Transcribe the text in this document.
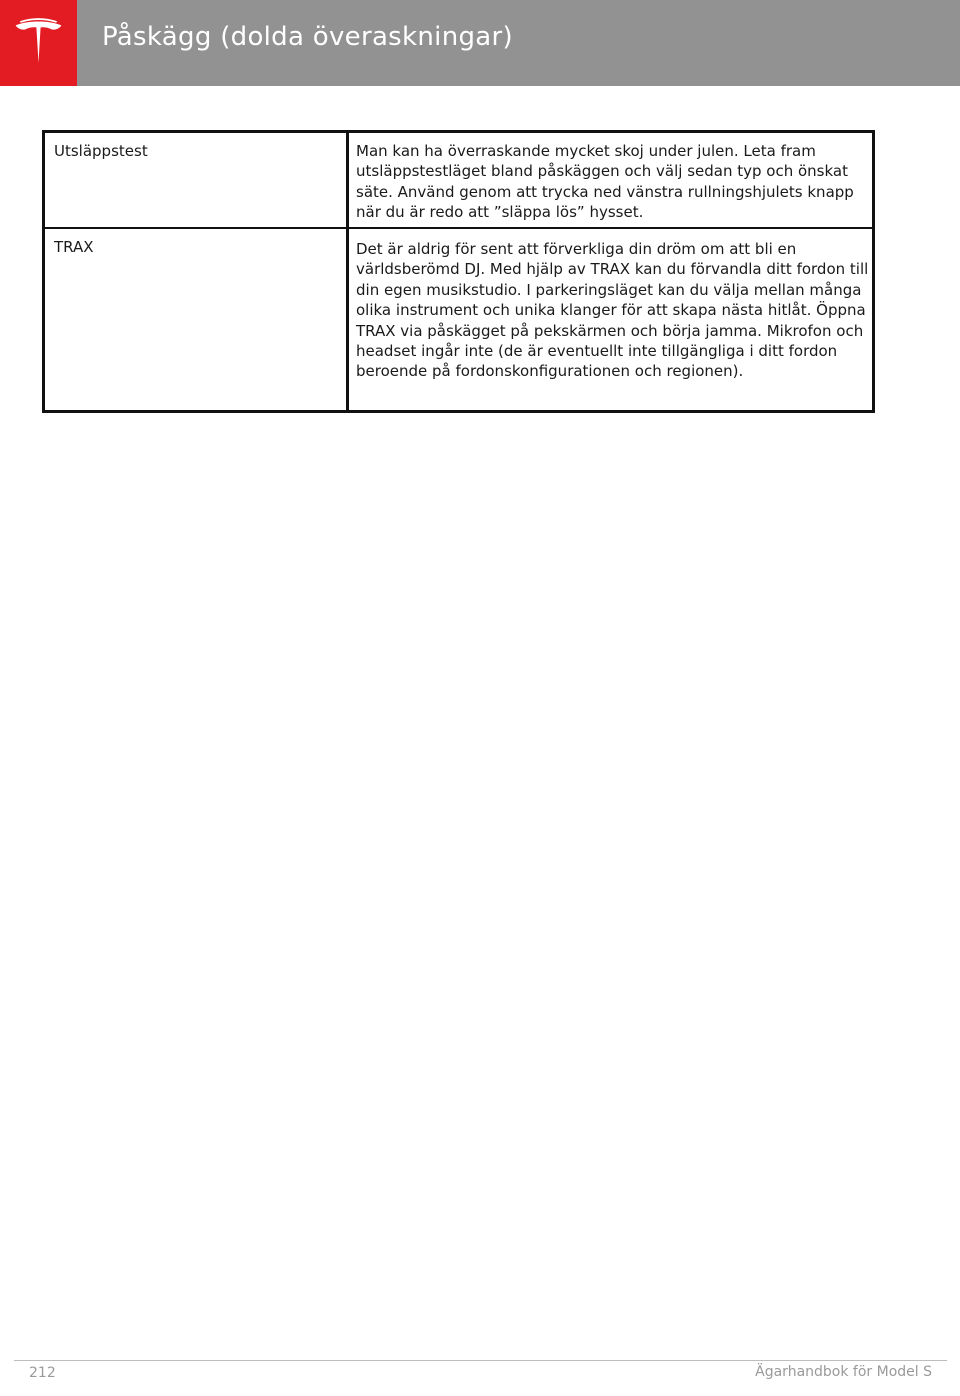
Påskägg (dolda överaskningar)
Utsläppstest	Man kan ha överraskande mycket skoj under julen. Leta fram utsläppstestläget bland påskäggen och välj sedan typ och önskat säte. Använd genom att trycka ned vänstra rullningshjulets knapp när du är redo att ”släppa lös” hysset.
TRAX	Det är aldrig för sent att förverkliga din dröm om att bli en världsberömd DJ. Med hjälp av TRAX kan du förvandla ditt fordon till din egen musikstudio. I parkeringsläget kan du välja mellan många olika instrument och unika klanger för att skapa nästa hitlåt. Öppna TRAX via påskägget på pekskärmen och börja jamma. Mikrofon och headset ingår inte (de är eventuellt inte tillgängliga i ditt fordon beroende på fordonskonfigurationen och regionen).
212	Ägarhandbok för Model S
